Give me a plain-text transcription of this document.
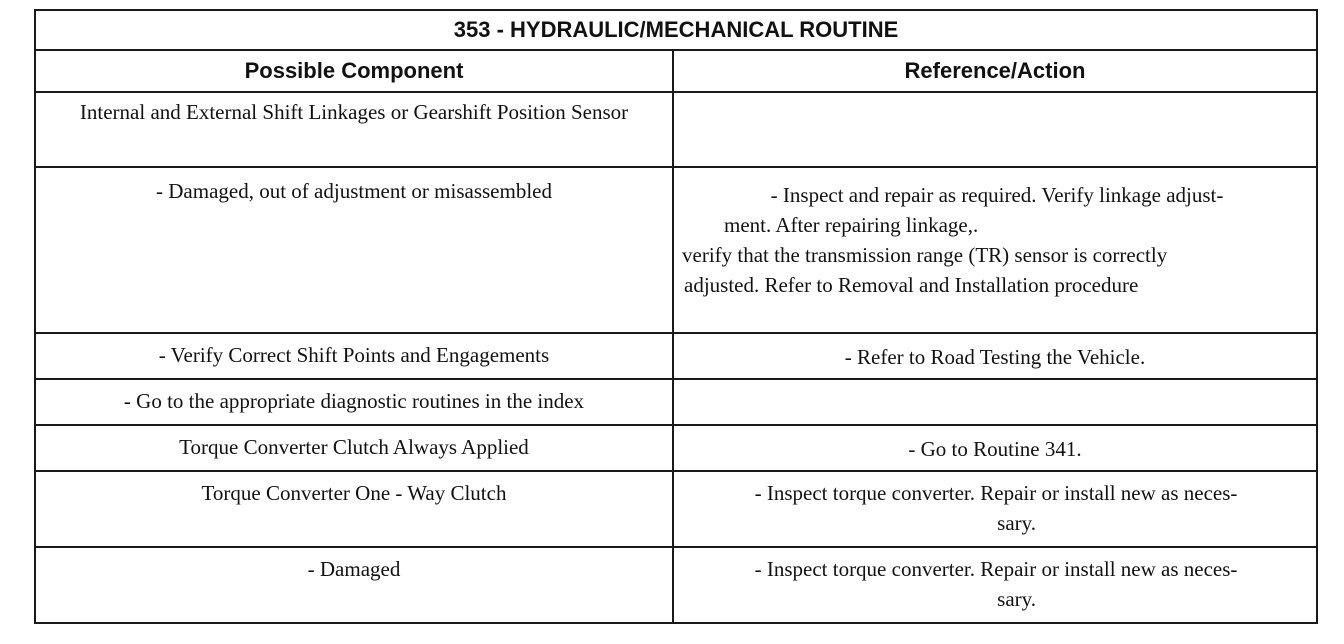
353 - HYDRAULIC/MECHANICAL ROUTINE	
Possible Component	Reference/Action
Internal and External Shift Linkages or Gearshift Position Sensor	
- Damaged, out of adjustment or misassembled	- Inspect and repair as required. Verify linkage adjust-
ment. After repairing linkage,.
verify that the transmission range (TR) sensor is correctly
adjusted. Refer to Removal and Installation procedure

- Verify Correct Shift Points and Engagements	- Refer to Road Testing the Vehicle.

- Go to the appropriate diagnostic routines in the index	
Torque Converter Clutch Always Applied	- Go to Routine 341.

Torque Converter One - Way Clutch	- Inspect torque converter. Repair or install new as neces-
sary.

- Damaged	- Inspect torque converter. Repair or install new as neces-
sary.
